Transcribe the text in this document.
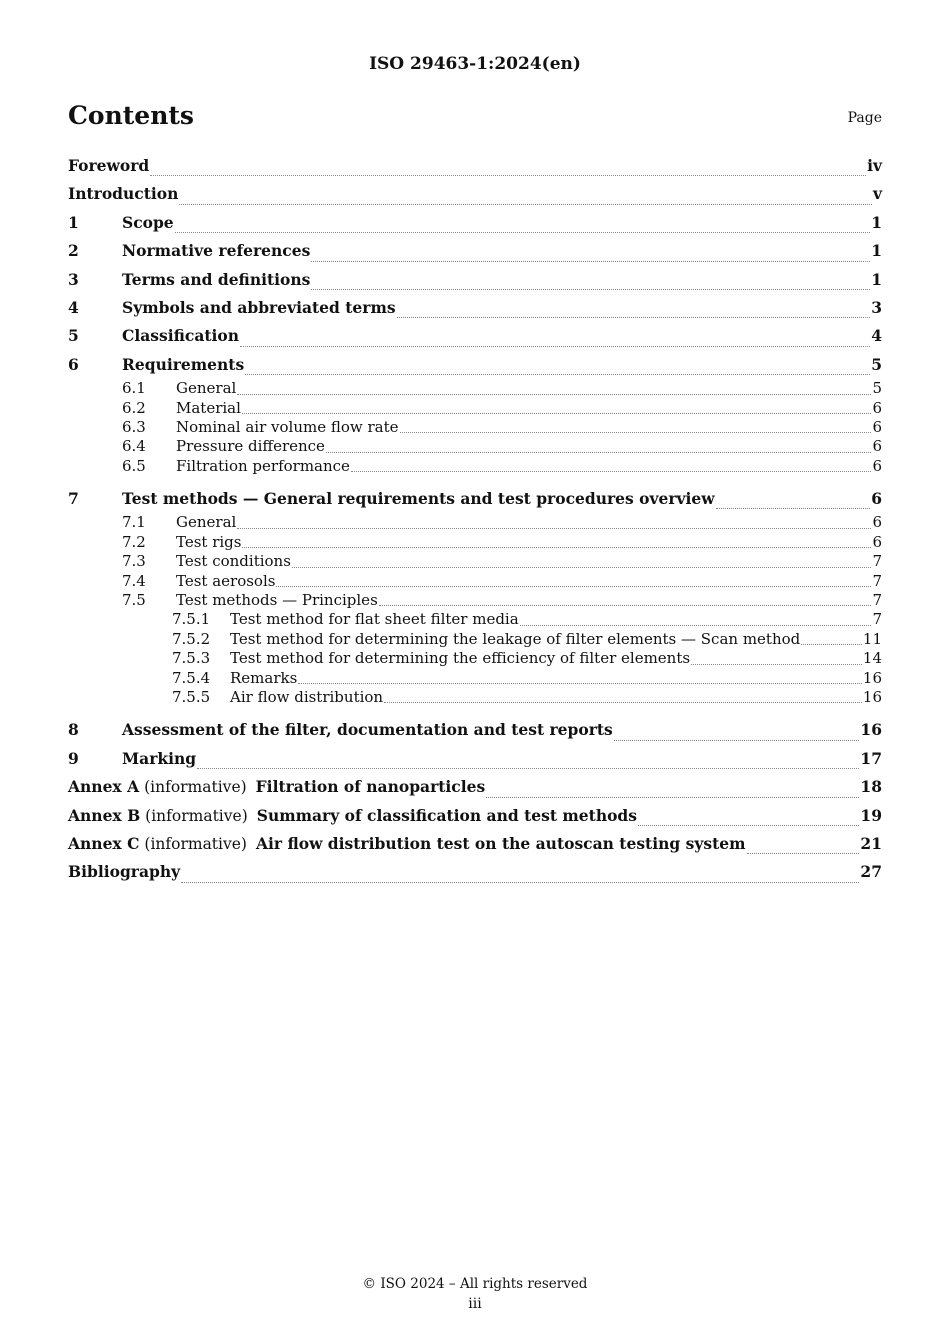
ISO 29463-1:2024(en)
Contents	Page
Foreword	iv
Introduction	v
1	Scope	1
2	Normative references	1
3	Terms and definitions	1
4	Symbols and abbreviated terms	3
5	Classification	4
6	Requirements	5
6.1	General	5
6.2	Material	6
6.3	Nominal air volume flow rate	6
6.4	Pressure difference	6
6.5	Filtration performance	6
7	Test methods — General requirements and test procedures overview	6
7.1	General	6
7.2	Test rigs	6
7.3	Test conditions	7
7.4	Test aerosols	7
7.5	Test methods — Principles	7
7.5.1	Test method for flat sheet filter media	7
7.5.2	Test method for determining the leakage of filter elements — Scan method	11
7.5.3	Test method for determining the efficiency of filter elements	14
7.5.4	Remarks	16
7.5.5	Air flow distribution	16
8	Assessment of the filter, documentation and test reports	16
9	Marking	17
Annex A (informative) Filtration of nanoparticles	18
Annex B (informative) Summary of classification and test methods	19
Annex C (informative) Air flow distribution test on the autoscan testing system	21
Bibliography	27
© ISO 2024 – All rights reserved
iii
